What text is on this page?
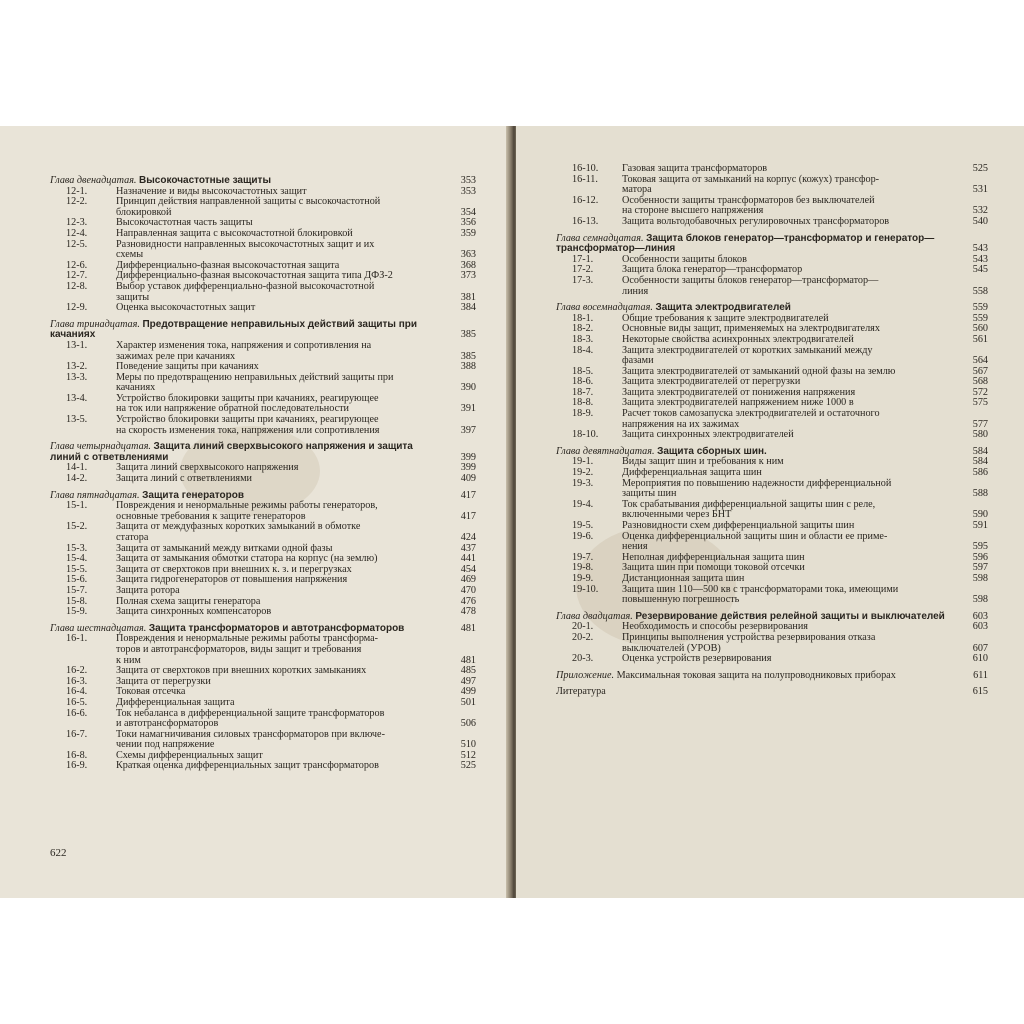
Глава двенадцатая. Высокочастотные защиты	353
12-1.	Назначение и виды высокочастотных защит	353
12-2.	Принцип действия направленной защиты с высокочастотной
блокировкой	354
12-3.	Высокочастотная часть защиты	356
12-4.	Направленная защита с высокочастотной блокировкой	359
12-5.	Разновидности направленных высокочастотных защит и их
схемы	363
12-6.	Дифференциально-фазная высокочастотная защита	368
12-7.	Дифференциально-фазная высокочастотная защита типа ДФЗ-2	373
12-8.	Выбор уставок дифференциально-фазной высокочастотной
защиты	381
12-9.	Оценка высокочастотных защит	384
Глава тринадцатая. Предотвращение неправильных действий защиты при качаниях	385
13-1.	Характер изменения тока, напряжения и сопротивления на
зажимах реле при качаниях	385
13-2.	Поведение защиты при качаниях	388
13-3.	Меры по предотвращению неправильных действий защиты при
качаниях	390
13-4.	Устройство блокировки защиты при качаниях, реагирующее
на ток или напряжение обратной последовательности	391
13-5.	Устройство блокировки защиты при качаниях, реагирующее
на скорость изменения тока, напряжения или сопротивления	397
Глава четырнадцатая. Защита линий сверхвысокого напряжения и защита линий с ответвлениями	399
14-1.	Защита линий сверхвысокого напряжения	399
14-2.	Защита линий с ответвлениями	409
Глава пятнадцатая. Защита генераторов	417
15-1.	Повреждения и ненормальные режимы работы генераторов,
основные требования к защите генераторов	417
15-2.	Защита от междуфазных коротких замыканий в обмотке
статора	424
15-3.	Защита от замыканий между витками одной фазы	437
15-4.	Защита от замыкания обмотки статора на корпус (на землю)	441
15-5.	Защита от сверхтоков при внешних к. з. и перегрузках	454
15-6.	Защита гидрогенераторов от повышения напряжения	469
15-7.	Защита ротора	470
15-8.	Полная схема защиты генератора	476
15-9.	Защита синхронных компенсаторов	478
Глава шестнадцатая. Защита трансформаторов и автотрансформаторов	481
16-1.	Повреждения и ненормальные режимы работы трансформа-
торов и автотрансформаторов, виды защит и требования
к ним	481
16-2.	Защита от сверхтоков при внешних коротких замыканиях	485
16-3.	Защита от перегрузки	497
16-4.	Токовая отсечка	499
16-5.	Дифференциальная защита	501
16-6.	Ток небаланса в дифференциальной защите трансформаторов
и автотрансформаторов	506
16-7.	Токи намагничивания силовых трансформаторов при включе-
чении под напряжение	510
16-8.	Схемы дифференциальных защит	512
16-9.	Краткая оценка дифференциальных защит трансформаторов	525
622
16-10. Газовая защита трансформаторов	525
16-11. Токовая защита от замыканий на корпус (кожух) трансфор-
матора	531
16-12. Особенности защиты трансформаторов без выключателей
на стороне высшего напряжения	532
16-13. Защита вольтодобавочных регулировочных трансформаторов	540
Глава семнадцатая. Защита блоков генератор—трансформатор и генератор—трансформатор—линия	543
17-1.	Особенности защиты блоков	543
17-2.	Защита блока генератор—трансформатор	545
17-3.	Особенности защиты блоков генератор—трансформатор—
линия	558
Глава восемнадцатая. Защита электродвигателей	559
18-1.	Общие требования к защите электродвигателей	559
18-2.	Основные виды защит, применяемых на электродвигателях	560
18-3.	Некоторые свойства асинхронных электродвигателей	561
18-4.	Защита электродвигателей от коротких замыканий между
фазами	564
18-5.	Защита электродвигателей от замыканий одной фазы на землю	567
18-6.	Защита электродвигателей от перегрузки	568
18-7.	Защита электродвигателей от понижения напряжения	572
18-8.	Защита электродвигателей напряжением ниже 1000 в	575
18-9.	Расчет токов самозапуска электродвигателей и остаточного
напряжения на их зажимах	577
18-10. Защита синхронных электродвигателей	580
Глава девятнадцатая. Защита сборных шин.	584
19-1.	Виды защит шин и требования к ним	584
19-2.	Дифференциальная защита шин	586
19-3.	Мероприятия по повышению надежности дифференциальной
защиты шин	588
19-4.	Ток срабатывания дифференциальной защиты шин с реле,
включенными через БНТ	590
19-5.	Разновидности схем дифференциальной защиты шин	591
19-6.	Оценка дифференциальной защиты шин и области ее приме-
нения	595
19-7.	Неполная дифференциальная защита шин	596
19-8.	Защита шин при помощи токовой отсечки	597
19-9.	Дистанционная защита шин	598
19-10. Защита шин 110—500 кв с трансформаторами тока, имеющими
повышенную погрешность	598
Глава двадцатая. Резервирование действия релейной защиты и выключателей	603
20-1.	Необходимость и способы резервирования	603
20-2.	Принципы выполнения устройства резервирования отказа
выключателей (УРОВ)	607
20-3.	Оценка устройств резервирования	610
Приложение. Максимальная токовая защита на полупроводниковых приборах	611
Литература	615
